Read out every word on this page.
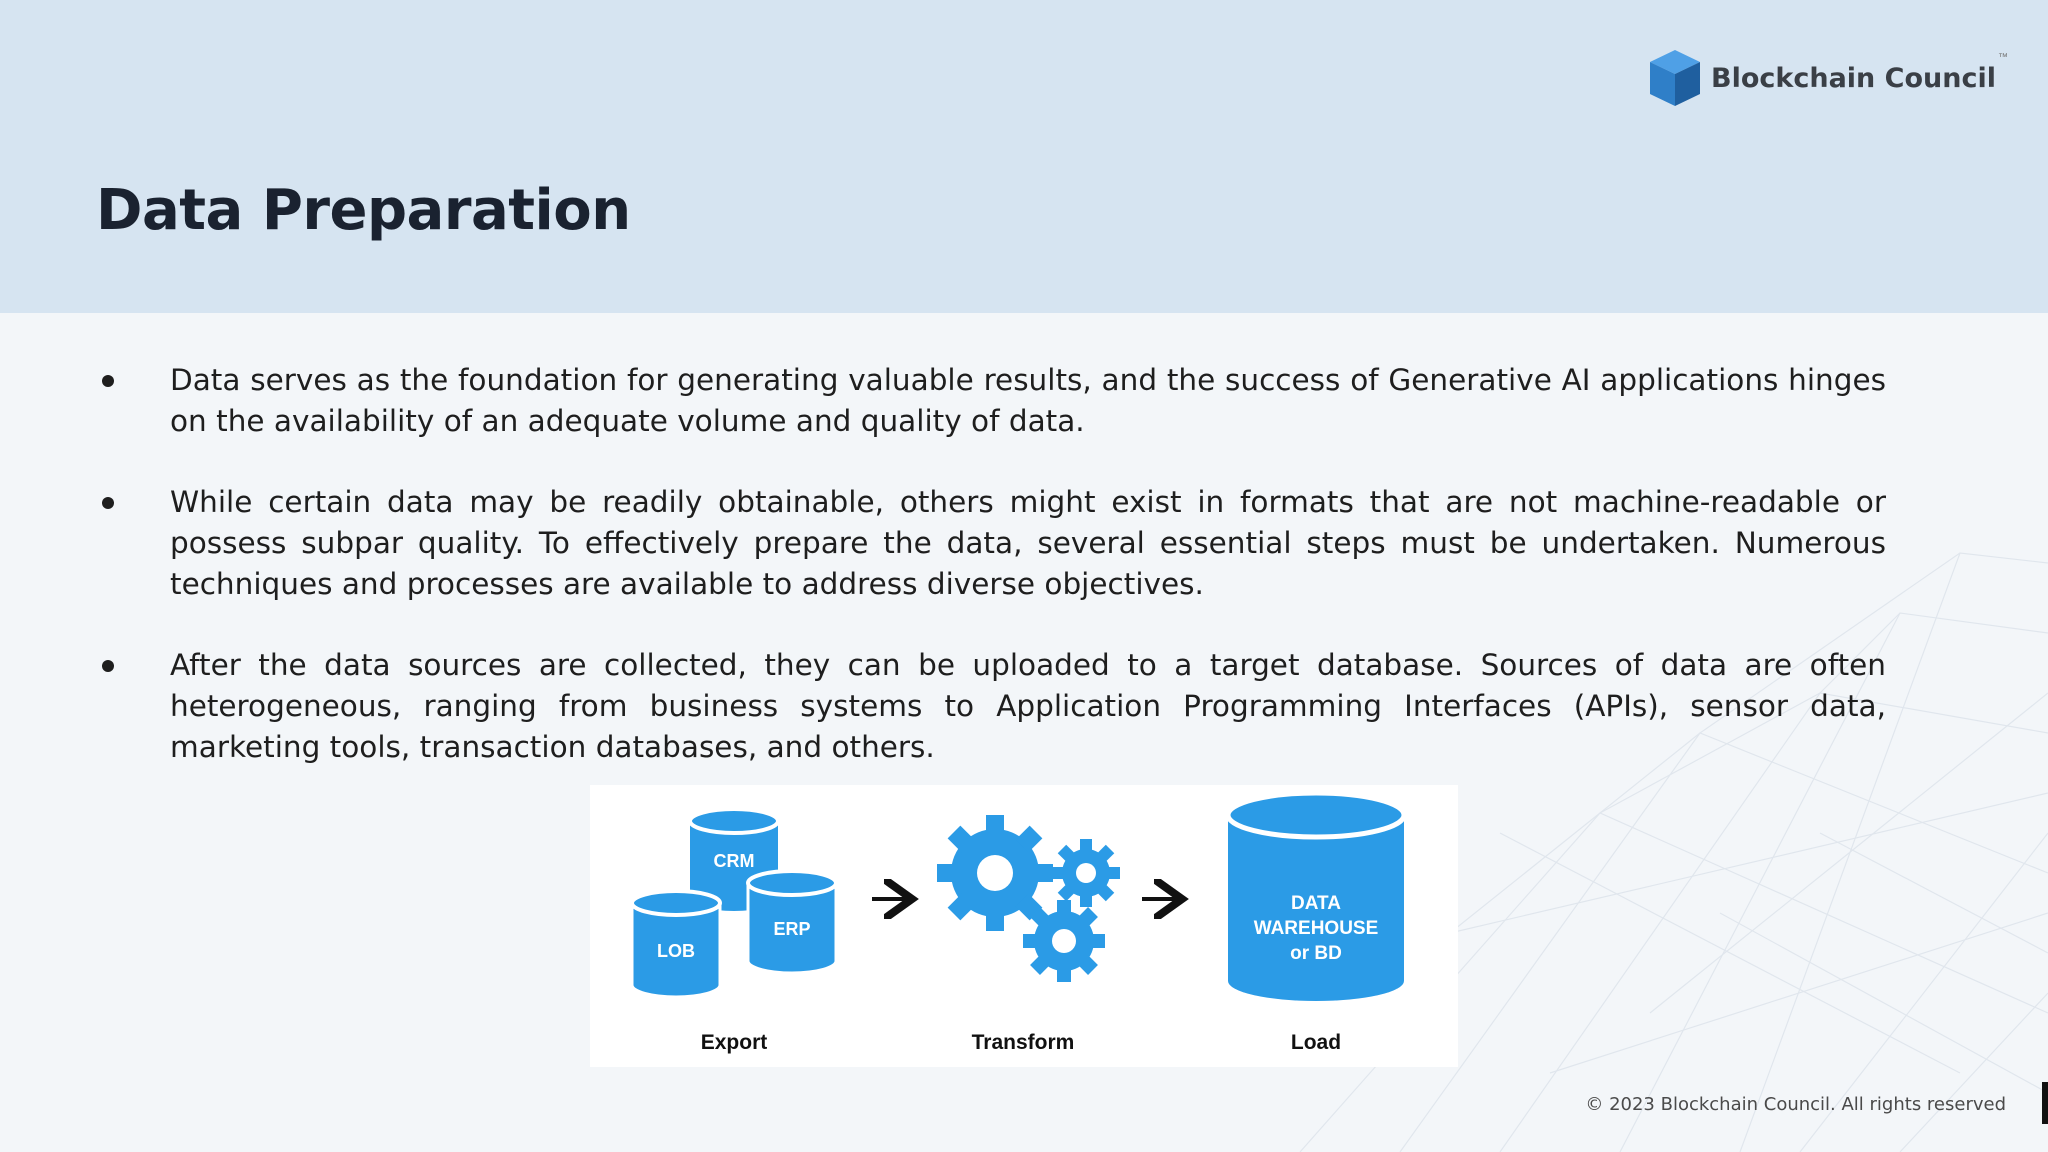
Data Preparation
Blockchain Council
™
Data serves as the foundation for generating valuable results, and the success of Generative AI applications hinges on the availability of an adequate volume and quality of data.
While certain data may be readily obtainable, others might exist in formats that are not machine-readable or possess subpar quality. To effectively prepare the data, several essential steps must be undertaken. Numerous techniques and processes are available to address diverse objectives.
After the data sources are collected, they can be uploaded to a target database. Sources of data are often heterogeneous, ranging from business systems to Application Programming Interfaces (APIs), sensor data, marketing tools, transaction databases, and others.
CRM
LOB
ERP
DATA
WAREHOUSE
or BD
Export	Transform	Load
© 2023 Blockchain Council. All rights reserved
